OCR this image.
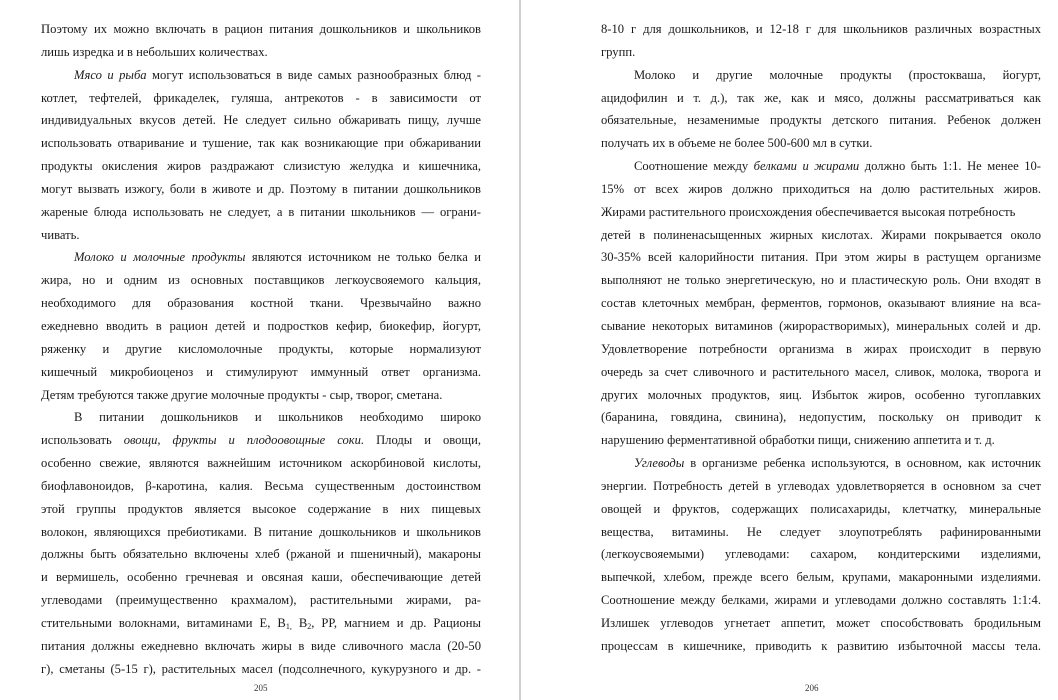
Поэтому их можно включать в рацион питания дошкольников и школьников

лишь изредка и в небольших количествах.

Мясо и рыба могут использоваться в виде самых разнообразных блюд -

котлет, тефтелей, фрикаделек, гуляша, антрекотов - в зависимости от

индивидуальных вкусов детей. Не следует сильно обжаривать пищу, лучше

использовать отваривание и тушение, так как возникающие при обжаривании

продукты окисления жиров раздражают слизистую желудка и кишечника,

могут вызвать изжогу, боли в животе и др. Поэтому в питании дошкольников

жареные блюда использовать не следует, а в питании школьников — ограни-

чивать.

Молоко и молочные продукты являются источником не только белка и

жира, но и одним из основных поставщиков легкоусвояемого кальция,

необходимого для образования костной ткани. Чрезвычайно важно

ежедневно вводить в рацион детей и подростков кефир, биокефир, йогурт,

ряженку и другие кисломолочные продукты, которые нормализуют

кишечный микробиоценоз и стимулируют иммунный ответ организма.

Детям требуются также другие молочные продукты - сыр, творог, сметана.

В питании дошкольников и школьников необходимо широко

использовать овощи, фрукты и плодоовощные соки. Плоды и овощи,

особенно свежие, являются важнейшим источником аскорбиновой кислоты,

биофлавоноидов, β-каротина, калия. Весьма существенным достоинством

этой группы продуктов является высокое содержание в них пищевых

волокон, являющихся пребиотиками. В питание дошкольников и школьников

должны быть обязательно включены хлеб (ржаной и пшеничный), макароны

и вермишель, особенно гречневая и овсяная каши, обеспечивающие детей

углеводами (преимущественно крахмалом), растительными жирами, ра-

стительными волокнами, витаминами Е, $В_{1,}$ $В_2$, РР, магнием и др. Рационы

питания должны ежедневно включать жиры в виде сливочного масла (20-50

г), сметаны (5-15 г), растительных масел (подсолнечного, кукурузного и др. -

205

8-10 г для дошкольников, и 12-18 г для школьников различных возрастных

групп.

Молоко и другие молочные продукты (простокваша, йогурт,

ацидофилин и т. д.), так же, как и мясо, должны рассматриваться как

обязательные, незаменимые продукты детского питания. Ребенок должен

получать их в объеме не более 500-600 мл в сутки.

Соотношение между белками и жирами должно быть 1:1. Не менее 10-

15% от всех жиров должно приходиться на долю растительных жиров.

Жирами растительного происхождения обеспечивается высокая потребность

детей в полиненасыщенных жирных кислотах. Жирами покрывается около

30-35% всей калорийности питания. При этом жиры в растущем организме

выполняют не только энергетическую, но и пластическую роль. Они входят в

состав клеточных мембран, ферментов, гормонов, оказывают влияние на вса-

сывание некоторых витаминов (жирорастворимых), минеральных солей и др.

Удовлетворение потребности организма в жирах происходит в первую

очередь за счет сливочного и растительного масел, сливок, молока, творога и

других молочных продуктов, яиц. Избыток жиров, особенно тугоплавких

(баранина, говядина, свинина), недопустим, поскольку он приводит к

нарушению ферментативной обработки пищи, снижению аппетита и т. д.

Углеводы в организме ребенка используются, в основном, как источник

энергии. Потребность детей в углеводах удовлетворяется в основном за счет

овощей и фруктов, содержащих полисахариды, клетчатку, минеральные

вещества, витамины. Не следует злоупотреблять рафинированными

(легкоусвояемыми) углеводами: сахаром, кондитерскими изделиями,

выпечкой, хлебом, прежде всего белым, крупами, макаронными изделиями.

Соотношение между белками, жирами и углеводами должно составлять 1:1:4.

Излишек углеводов угнетает аппетит, может способствовать бродильным

процессам в кишечнике, приводить к развитию избыточной массы тела.

206
